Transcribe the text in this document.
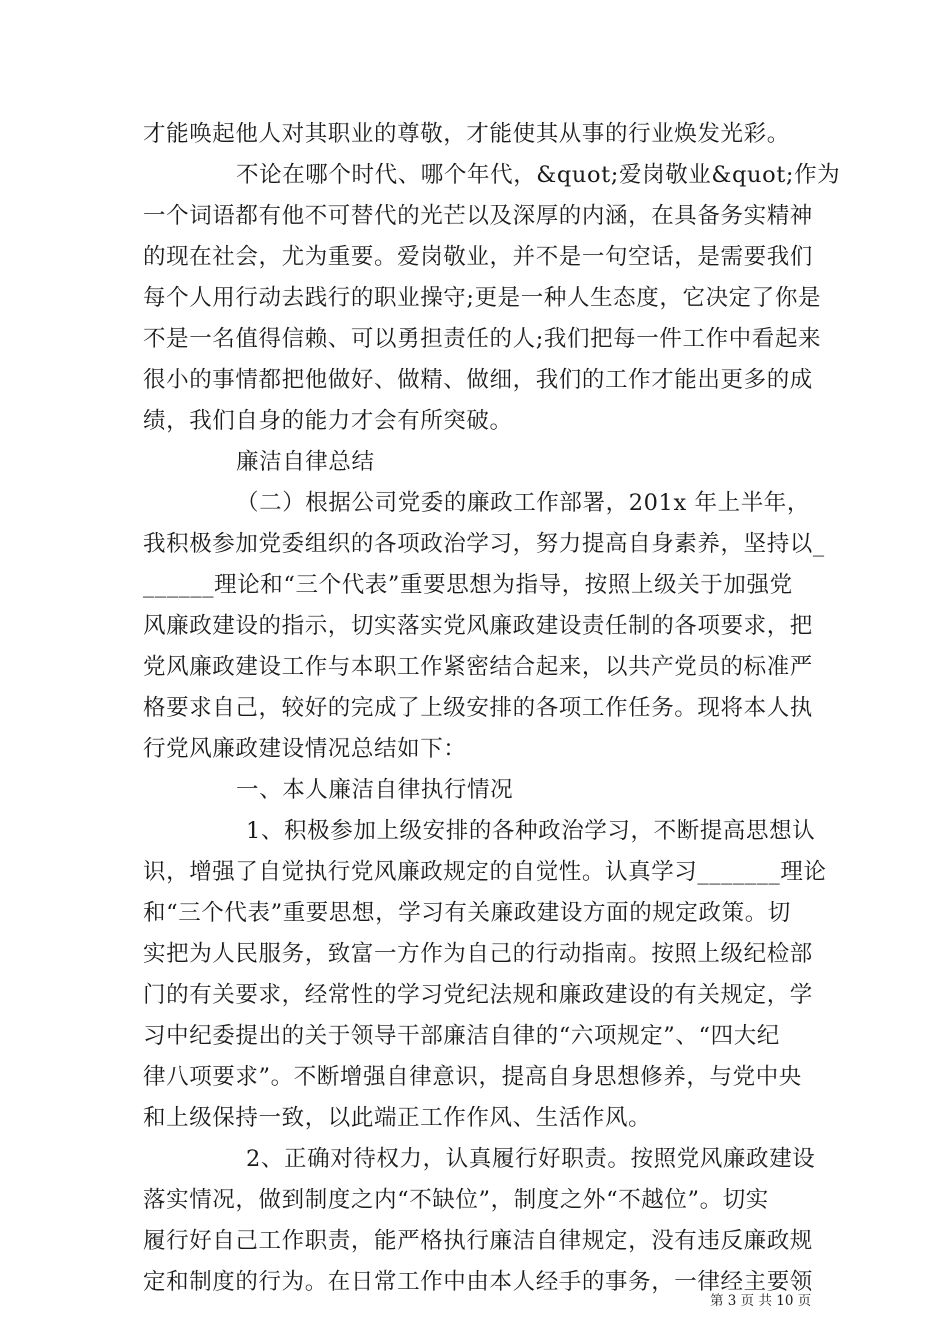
才能唤起他人对其职业的尊敬，才能使其从事的行业焕发光彩。
不论在哪个时代、哪个年代，&quot;爱岗敬业&quot;作为
一个词语都有他不可替代的光芒以及深厚的内涵，在具备务实精神
的现在社会，尤为重要。爱岗敬业，并不是一句空话，是需要我们
每个人用行动去践行的职业操守;更是一种人生态度，它决定了你是
不是一名值得信赖、可以勇担责任的人;我们把每一件工作中看起来
很小的事情都把他做好、做精、做细，我们的工作才能出更多的成
绩，我们自身的能力才会有所突破。
廉洁自律总结
（二）根据公司党委的廉政工作部署，201x 年上半年，
我积极参加党委组织的各项政治学习，努力提高自身素养，坚持以_
______理论和“三个代表”重要思想为指导，按照上级关于加强党
风廉政建设的指示，切实落实党风廉政建设责任制的各项要求，把
党风廉政建设工作与本职工作紧密结合起来，以共产党员的标准严
格要求自己，较好的完成了上级安排的各项工作任务。现将本人执
行党风廉政建设情况总结如下：
一、本人廉洁自律执行情况
1、积极参加上级安排的各种政治学习，不断提高思想认
识，增强了自觉执行党风廉政规定的自觉性。认真学习_______理论
和“三个代表”重要思想，学习有关廉政建设方面的规定政策。切
实把为人民服务，致富一方作为自己的行动指南。按照上级纪检部
门的有关要求，经常性的学习党纪法规和廉政建设的有关规定，学
习中纪委提出的关于领导干部廉洁自律的“六项规定”、“四大纪
律八项要求”。不断增强自律意识，提高自身思想修养，与党中央
和上级保持一致，以此端正工作作风、生活作风。
2、正确对待权力，认真履行好职责。按照党风廉政建设
落实情况，做到制度之内“不缺位”，制度之外“不越位”。切实
履行好自己工作职责，能严格执行廉洁自律规定，没有违反廉政规
定和制度的行为。在日常工作中由本人经手的事务，一律经主要领
第 3 页 共 10 页
